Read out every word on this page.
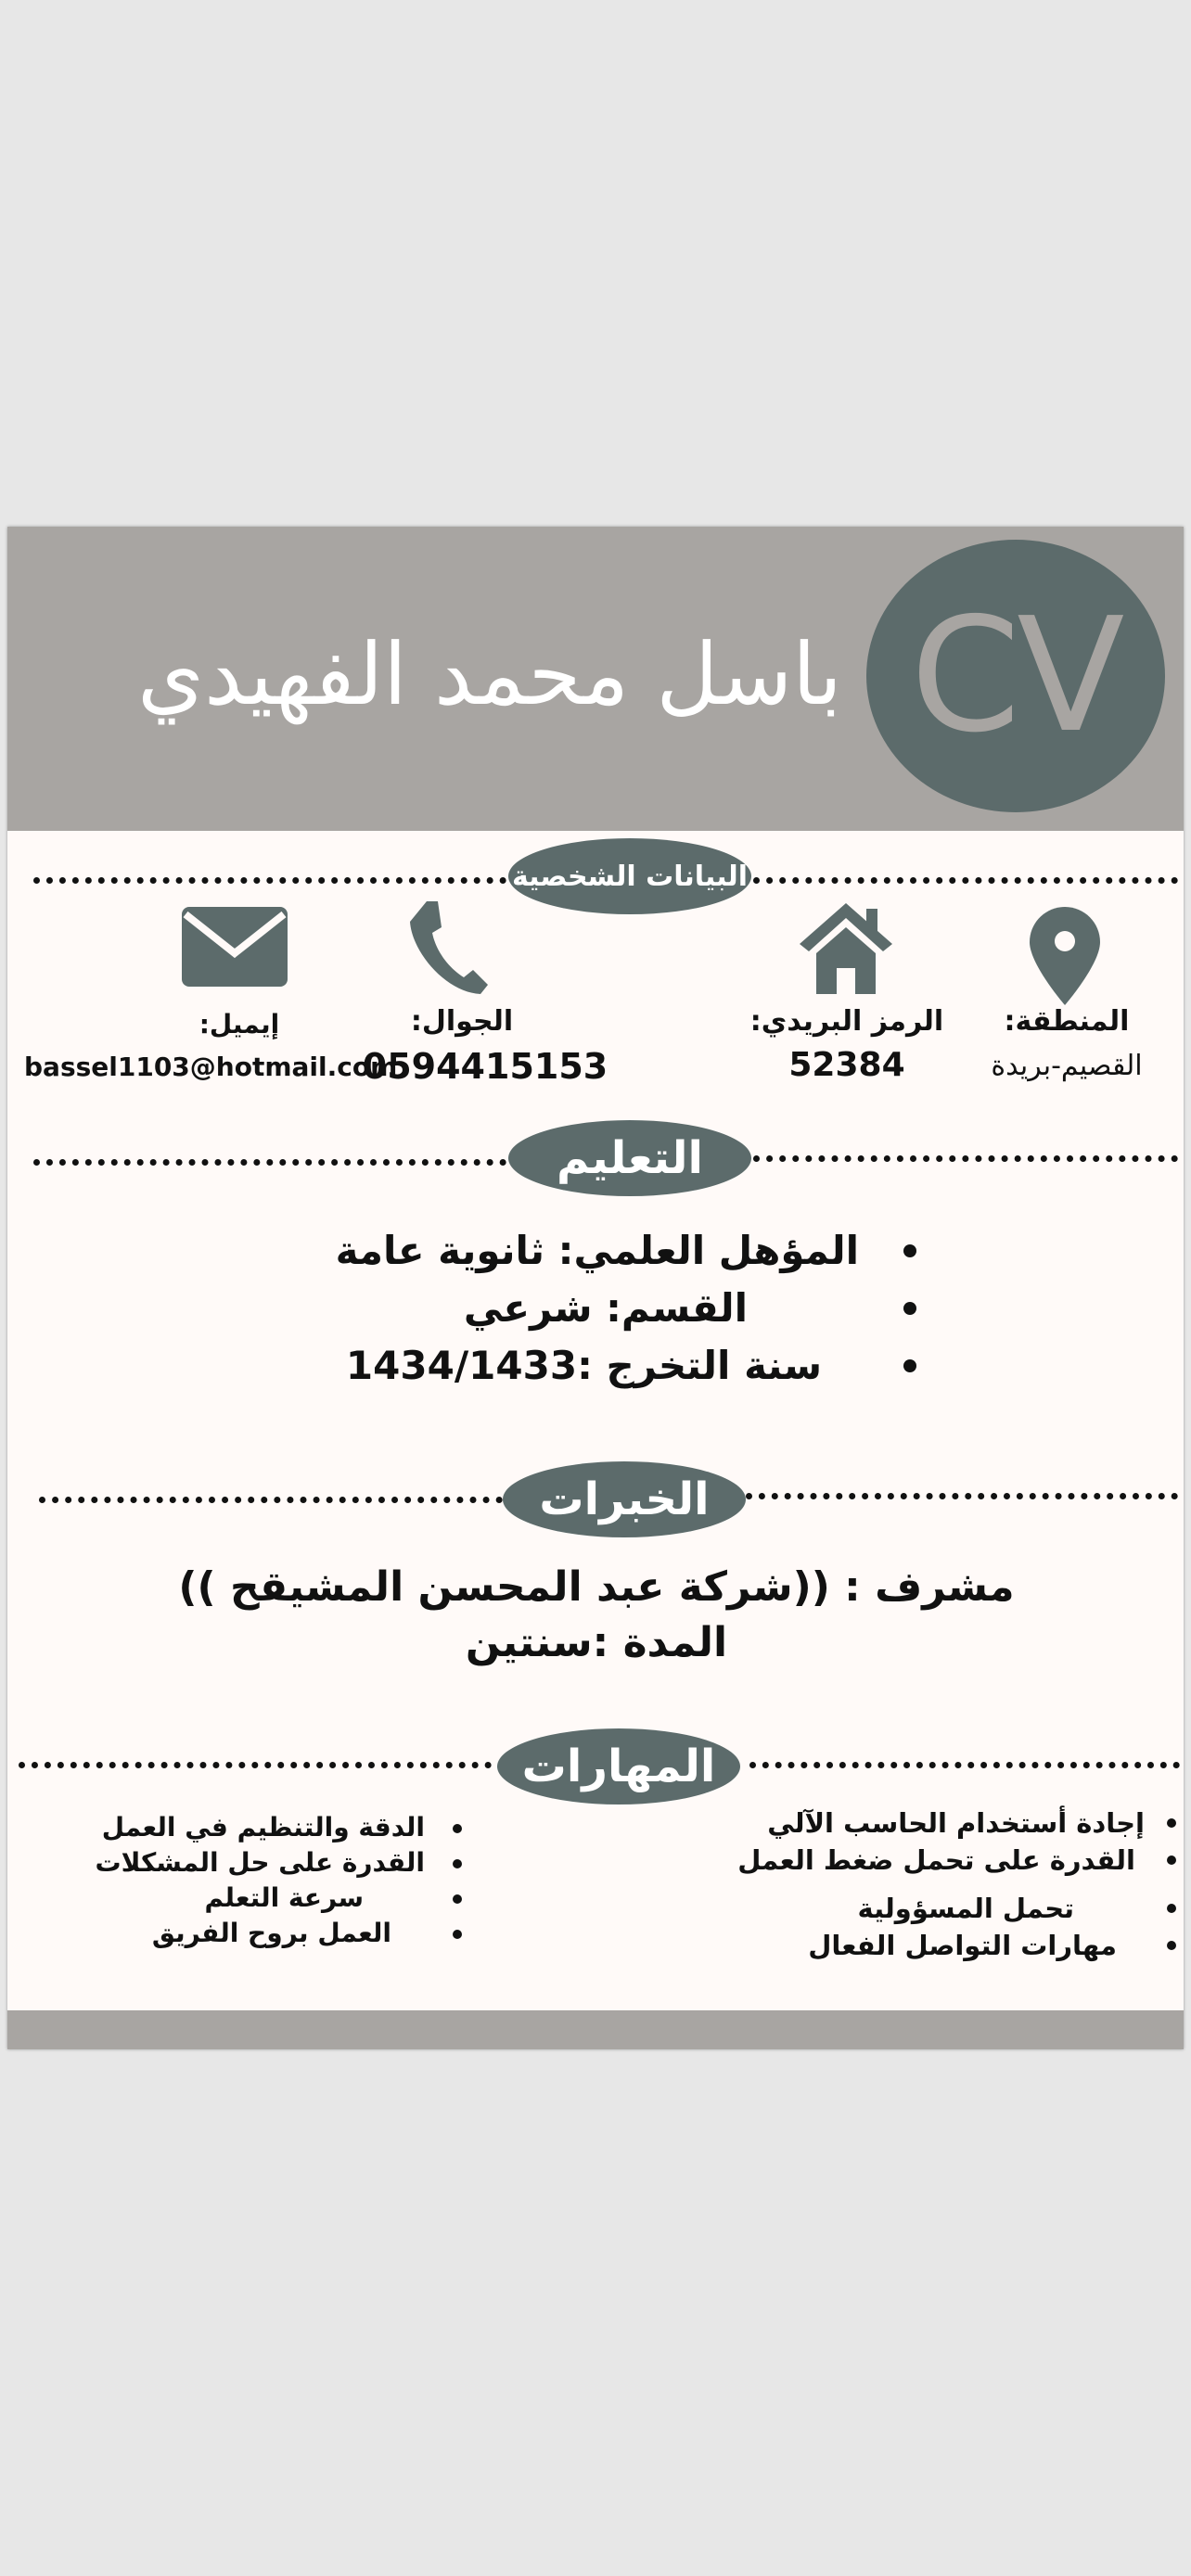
باسل محمد الفهيدي CV
البيانات الشخصية
المنطقة:
القصيم-بريدة
الرمز البريدي:
52384
الجوال:
0594415153
إيميل:
bassel1103@hotmail.com
التعليم
المؤهل العلمي: ثانوية عامة
القسم: شرعي
سنة التخرج :1434/1433
الخبرات
مشرف : ((شركة عبد المحسن المشيقح ))
المدة :سنتين
المهارات
إجادة أستخدام الحاسب الآلي
القدرة على تحمل ضغط العمل
تحمل المسؤولية
مهارات التواصل الفعال
الدقة والتنظيم في العمل
القدرة على حل المشكلات
سرعة التعلم
العمل بروح الفريق
